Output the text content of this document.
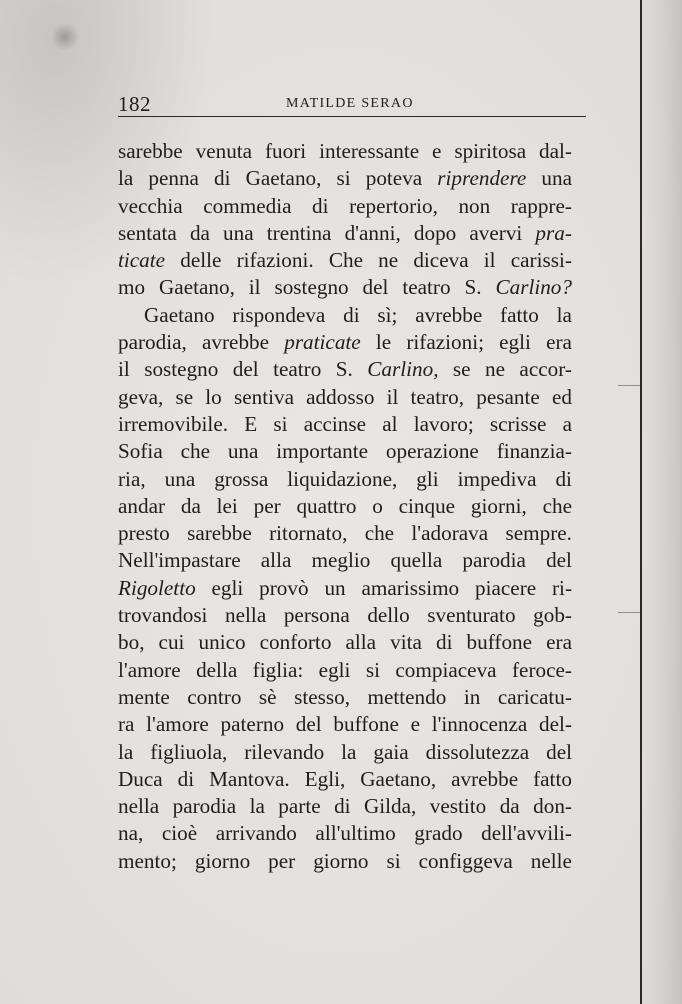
182	MATILDE SERAO
sarebbe venuta fuori interessante e spiritosa dal-
la penna di Gaetano, si poteva riprendere una
vecchia commedia di repertorio, non rappre-
sentata da una trentina d'anni, dopo avervi pra-
ticate delle rifazioni. Che ne diceva il carissi-
mo Gaetano, il sostegno del teatro S. Carlino?
Gaetano rispondeva di sì; avrebbe fatto la
parodia, avrebbe praticate le rifazioni; egli era
il sostegno del teatro S. Carlino, se ne accor-
geva, se lo sentiva addosso il teatro, pesante ed
irremovibile. E si accinse al lavoro; scrisse a
Sofia che una importante operazione finanzia-
ria, una grossa liquidazione, gli impediva di
andar da lei per quattro o cinque giorni, che
presto sarebbe ritornato, che l'adorava sempre.
Nell'impastare alla meglio quella parodia del
Rigoletto egli provò un amarissimo piacere ri-
trovandosi nella persona dello sventurato gob-
bo, cui unico conforto alla vita di buffone era
l'amore della figlia: egli si compiaceva feroce-
mente contro sè stesso, mettendo in caricatu-
ra l'amore paterno del buffone e l'innocenza del-
la figliuola, rilevando la gaia dissolutezza del
Duca di Mantova. Egli, Gaetano, avrebbe fatto
nella parodia la parte di Gilda, vestito da don-
na, cioè arrivando all'ultimo grado dell'avvili-
mento; giorno per giorno si configgeva nelle
